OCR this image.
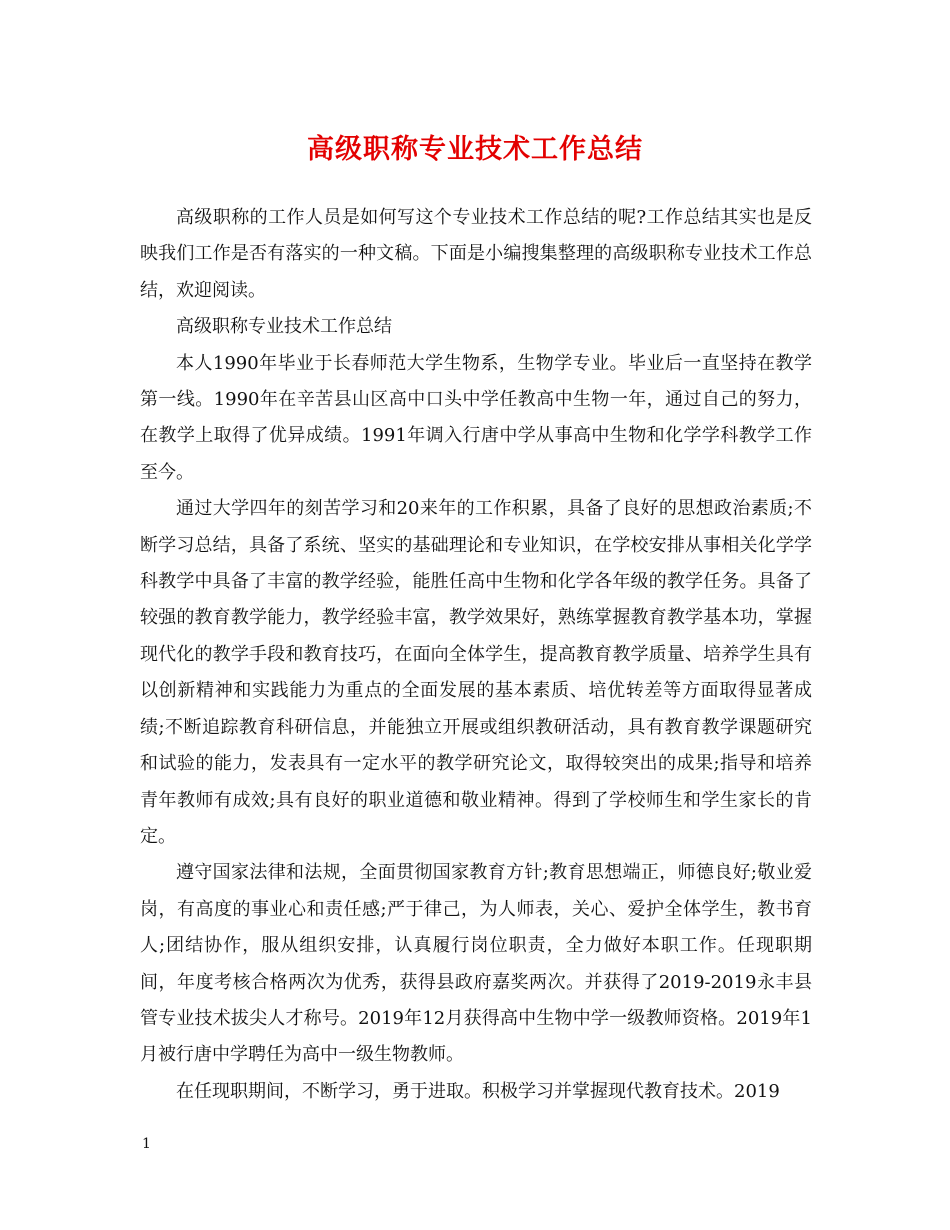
高级职称专业技术工作总结

高级职称的工作人员是如何写这个专业技术工作总结的呢?工作总结其实也是反映我们工作是否有落实的一种文稿。下面是小编搜集整理的高级职称专业技术工作总结，欢迎阅读。

高级职称专业技术工作总结

本人1990年毕业于长春师范大学生物系，生物学专业。毕业后一直坚持在教学第一线。1990年在辛苦县山区高中口头中学任教高中生物一年，通过自己的努力，在教学上取得了优异成绩。1991年调入行唐中学从事高中生物和化学学科教学工作至今。

通过大学四年的刻苦学习和20来年的工作积累，具备了良好的思想政治素质;不断学习总结，具备了系统、坚实的基础理论和专业知识，在学校安排从事相关化学学科教学中具备了丰富的教学经验，能胜任高中生物和化学各年级的教学任务。具备了较强的教育教学能力，教学经验丰富，教学效果好，熟练掌握教育教学基本功，掌握现代化的教学手段和教育技巧，在面向全体学生，提高教育教学质量、培养学生具有以创新精神和实践能力为重点的全面发展的基本素质、培优转差等方面取得显著成绩;不断追踪教育科研信息，并能独立开展或组织教研活动，具有教育教学课题研究和试验的能力，发表具有一定水平的教学研究论文，取得较突出的成果;指导和培养青年教师有成效;具有良好的职业道德和敬业精神。得到了学校师生和学生家长的肯定。

遵守国家法律和法规，全面贯彻国家教育方针;教育思想端正，师德良好;敬业爱岗，有高度的事业心和责任感;严于律己，为人师表，关心、爱护全体学生，教书育人;团结协作，服从组织安排，认真履行岗位职责，全力做好本职工作。任现职期间，年度考核合格两次为优秀，获得县政府嘉奖两次。并获得了2019-2019永丰县管专业技术拔尖人才称号。2019年12月获得高中生物中学一级教师资格。2019年1月被行唐中学聘任为高中一级生物教师。

在任现职期间，不断学习，勇于进取。积极学习并掌握现代教育技术。2019

1
